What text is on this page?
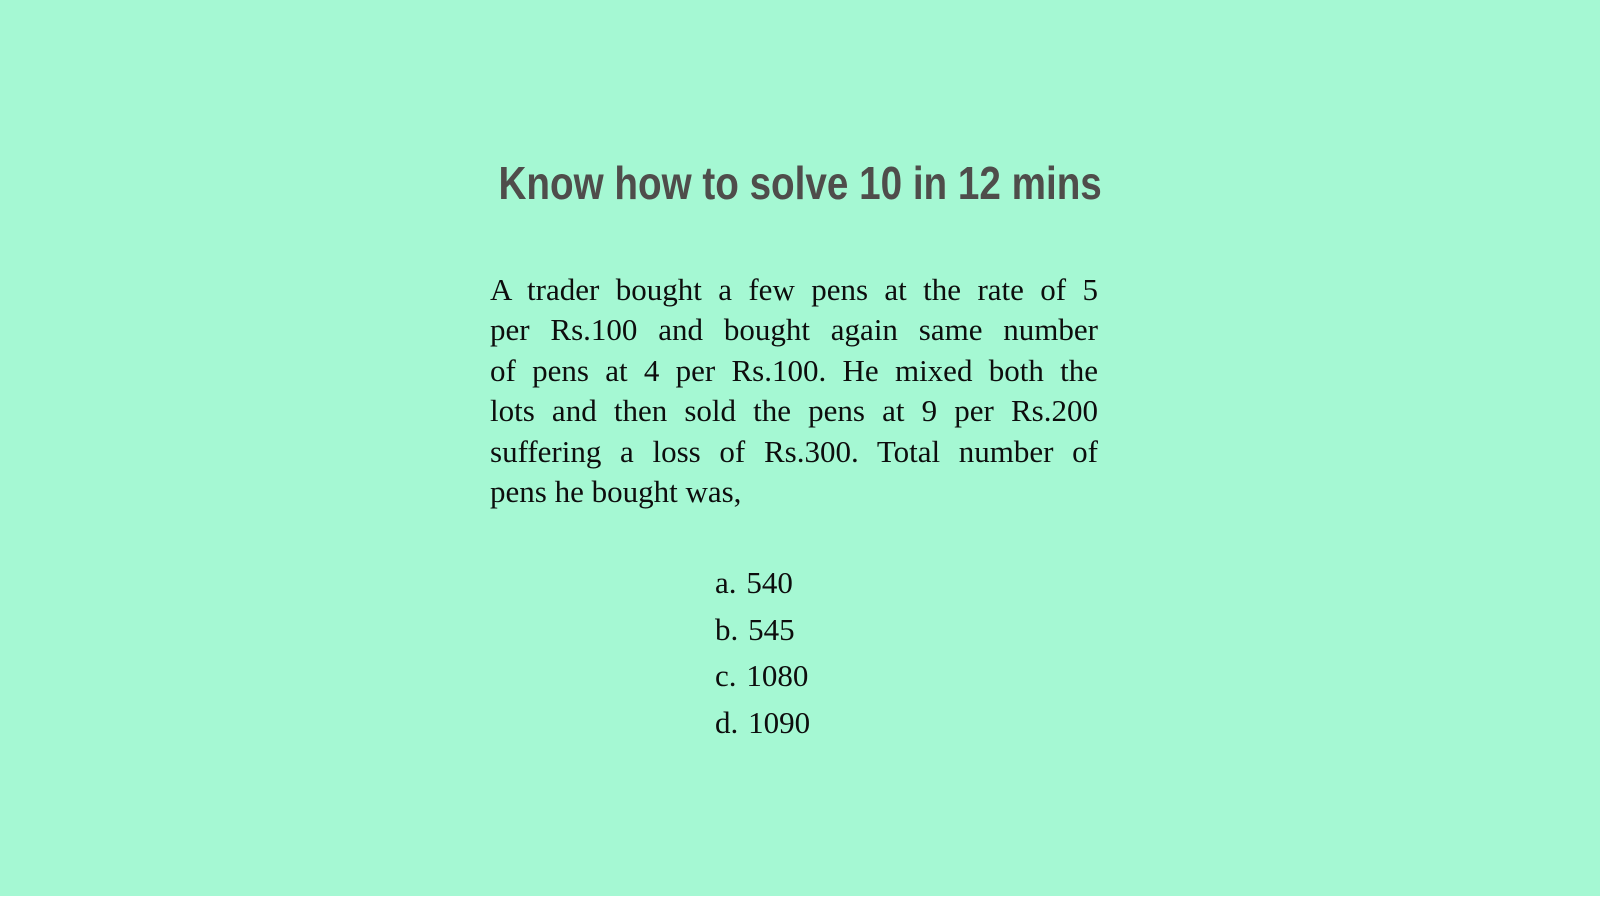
Know how to solve 10 in 12 mins
A trader bought a few pens at the rate of 5
per Rs.100 and bought again same number
of pens at 4 per Rs.100. He mixed both the
lots and then sold the pens at 9 per Rs.200
suffering a loss of Rs.300. Total number of
pens he bought was,
a. 540
b. 545
c. 1080
d. 1090
